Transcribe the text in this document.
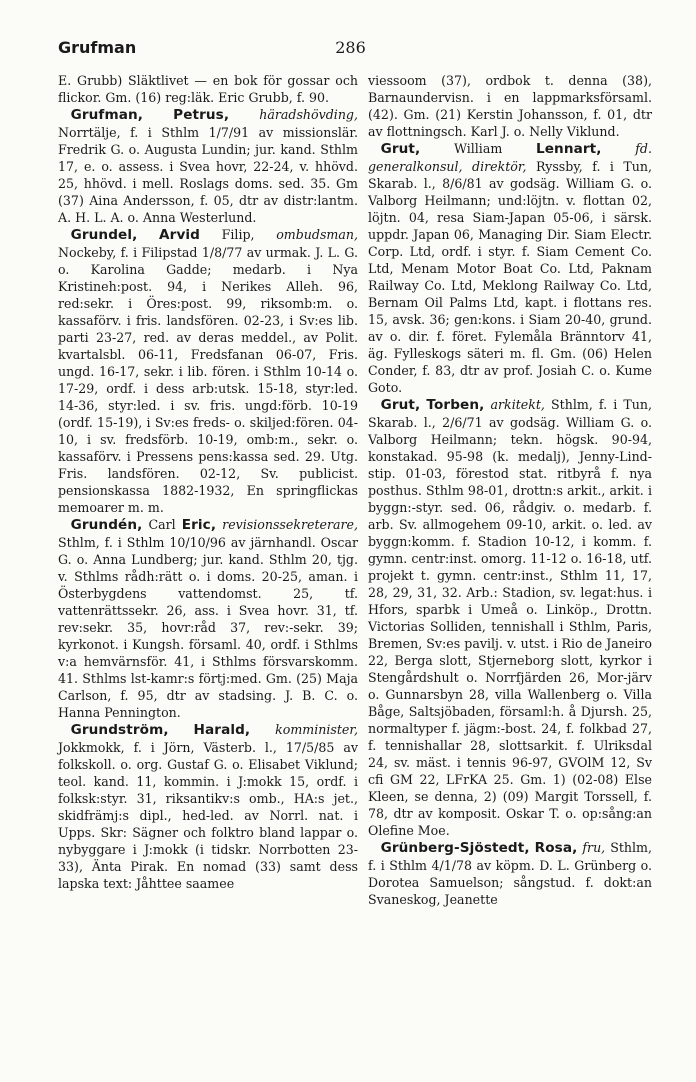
Grufman	286

E. Grubb) Släktlivet — en bok för gossar och flickor. Gm. (16) reg:läk. Eric Grubb, f. 90.

Grufman, Petrus, häradshövding, Norrtälje, f. i Sthlm 1/7/91 av missionslär. Fredrik G. o. Augusta Lundin; jur. kand. Sthlm 17, e. o. assess. i Svea hovr, 22-24, v. hhövd. 25, hhövd. i mell. Roslags doms. sed. 35. Gm (37) Aina Andersson, f. 05, dtr av distr:lantm. A. H. L. A. o. Anna Westerlund.

Grundel, Arvid Filip, ombudsman, Nockeby, f. i Filipstad 1/8/77 av urmak. J. L. G. o. Karolina Gadde; medarb. i Nya Kristineh:post. 94, i Nerikes Alleh. 96, red:sekr. i Öres:post. 99, riksomb:m. o. kassaförv. i fris. landsfören. 02-23, i Sv:es lib. parti 23-27, red. av deras meddel., av Polit. kvartalsbl. 06-11, Fredsfanan 06-07, Fris. ungd. 16-17, sekr. i lib. fören. i Sthlm 10-14 o. 17-29, ordf. i dess arb:utsk. 15-18, styr:led. 14-36, styr:led. i sv. fris. ungd:förb. 10-19 (ordf. 15-19), i Sv:es freds- o. skiljed:fören. 04-10, i sv. fredsförb. 10-19, omb:m., sekr. o. kassaförv. i Pressens pens:kassa sed. 29. Utg. Fris. landsfören. 02-12, Sv. publicist. pensionskassa 1882-1932, En springflickas memoarer m. m.

Grundén, Carl Eric, revisionssekreterare, Sthlm, f. i Sthlm 10/10/96 av järnhandl. Oscar G. o. Anna Lundberg; jur. kand. Sthlm 20, tjg. v. Sthlms rådh:rätt o. i doms. 20-25, aman. i Österbygdens vattendomst. 25, tf. vattenrättssekr. 26, ass. i Svea hovr. 31, tf. rev:sekr. 35, hovr:råd 37, rev:-sekr. 39; kyrkonot. i Kungsh. församl. 40, ordf. i Sthlms v:a hemvärnsför. 41, i Sthlms försvarskomm. 41. Sthlms lst-kamr:s förtj:med. Gm. (25) Maja Carlson, f. 95, dtr av stadsing. J. B. C. o. Hanna Pennington.

Grundström, Harald, komminister, Jokkmokk, f. i Jörn, Västerb. l., 17/5/85 av folkskoll. o. org. Gustaf G. o. Elisabet Viklund; teol. kand. 11, kommin. i J:mokk 15, ordf. i folksk:styr. 31, riksantikv:s omb., HA:s jet., skidfrämj:s dipl., hed-led. av Norrl. nat. i Upps. Skr: Sägner och folktro bland lappar o. nybyggare i J:mokk (i tidskr. Norrbotten 23-33), Änta Pirak. En nomad (33) samt dess lapska text: Jåhttee saamee

viessoom (37), ordbok t. denna (38), Barnaundervisn. i en lappmarksförsaml. (42). Gm. (21) Kerstin Johansson, f. 01, dtr av flottningsch. Karl J. o. Nelly Viklund.

Grut,	William Lennart,	fd. generalkonsul, direktör, Ryssby, f. i Tun, Skarab. l., 8/6/81 av godsäg. William G. o. Valborg Heilmann; und:löjtn. v. flottan 02, löjtn. 04, resa Siam-Japan 05-06, i särsk. uppdr. Japan 06, Managing Dir. Siam Electr. Corp. Ltd, ordf. i styr. f. Siam Cement Co. Ltd, Menam Motor Boat Co. Ltd, Paknam Railway Co. Ltd, Meklong Railway Co. Ltd, Bernam Oil Palms Ltd, kapt. i flottans res. 15, avsk. 36; gen:kons. i Siam 20-40, grund. av o. dir. f. föret. Fylemåla Bränntorv 41, äg. Fylleskogs säteri m. fl. Gm. (06) Helen Conder, f. 83, dtr av prof. Josiah C. o. Kume Goto.

Grut, Torben, arkitekt, Sthlm, f. i Tun, Skarab. l., 2/6/71 av godsäg. William G. o. Valborg Heilmann; tekn. högsk. 90-94, konstakad. 95-98 (k. medalj), Jenny-Lind-stip. 01-03, förestod stat. ritbyrå f. nya posthus. Sthlm 98-01, drottn:s arkit., arkit. i byggn:-styr. sed. 06, rådgiv. o. medarb. f. arb. Sv. allmogehem 09-10, arkit. o. led. av byggn:komm. f. Stadion 10-12, i komm. f. gymn. centr:inst. omorg. 11-12 o. 16-18, utf. projekt t. gymn. centr:inst., Sthlm 11, 17, 28, 29, 31, 32. Arb.: Stadion, sv. legat:hus. i Hfors, sparbk i Umeå o. Linköp., Drottn. Victorias Solliden, tennishall i Sthlm, Paris, Bremen, Sv:es pavilj. v. utst. i Rio de Janeiro 22, Berga slott, Stjerneborg slott, kyrkor i Stengårdshult o. Norrfjärden 26, Mor-järv o. Gunnarsbyn 28, villa Wallenberg o. Villa Båge, Saltsjöbaden, församl:h. å Djursh. 25, normaltyper f. jägm:-bost. 24, f. folkbad 27, f. tennishallar 28, slottsarkit. f. Ulriksdal 24, sv. mäst. i tennis 96-97, GVOlM 12, Sv cfi GM 22, LFrKA 25. Gm. 1) (02-08) Else Kleen, se denna, 2) (09) Margit Torssell, f. 78, dtr av komposit. Oskar T. o. op:sång:an Olefine Moe.

Grünberg-Sjöstedt, Rosa, fru, Sthlm, f. i Sthlm 4/1/78 av köpm. D. L. Grünberg o. Dorotea Samuelson; sångstud. f. dokt:an Svaneskog, Jeanette
